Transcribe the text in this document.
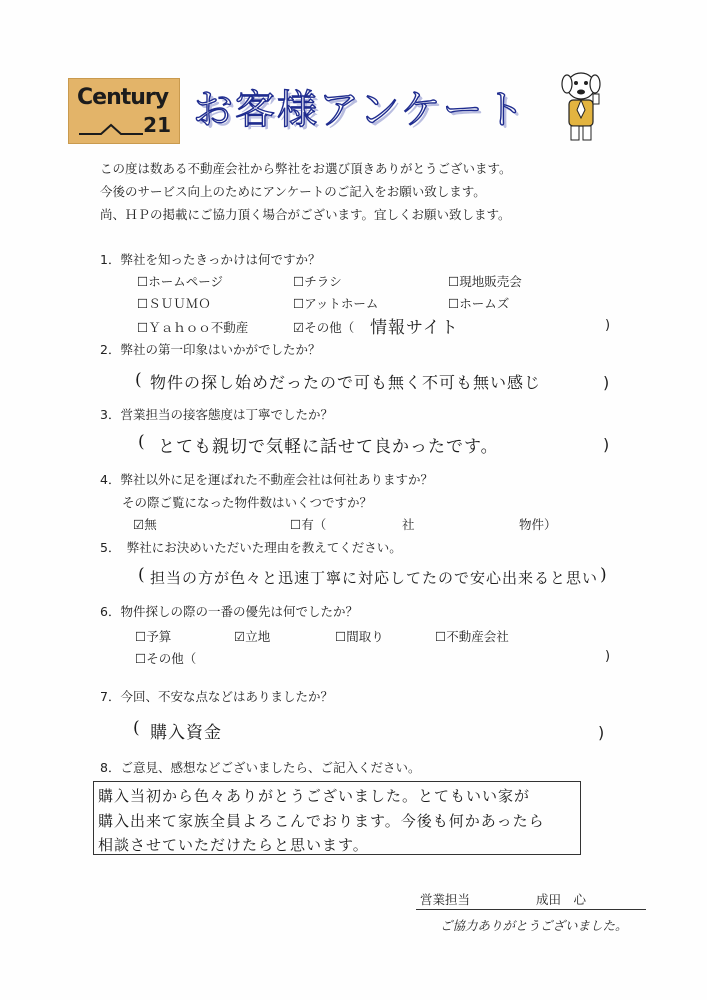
Century
21 お客様アンケート
この度は数ある不動産会社から弊社をお選び頂きありがとうございます。
今後のサービス向上のためにアンケートのご記入をお願い致します。
尚、ＨＰの掲載にご協力頂く場合がございます。宜しくお願い致します。
1．弊社を知ったきっかけは何ですか？
☐ホームページ	☐チラシ	☐現地販売会
☐ＳＵＵＭＯ	☐アットホーム	☐ホームズ
☐Ｙａｈｏｏ不動産	☑その他（ 情報サイト	)
2．弊社の第一印象はいかがでしたか？
( 物件の探し始めだったので可も無く不可も無い感じ	)
3．営業担当の接客態度は丁寧でしたか？
( とても親切で気軽に話せて良かったです。	)
4．弊社以外に足を運ばれた不動産会社は何社ありますか？
その際ご覧になった物件数はいくつですか？
☑無	☐有（	社	物件）
5．　弊社にお決めいただいた理由を教えてください。
( 担当の方が色々と迅速丁寧に対応してたので安心出来ると思い )
6．物件探しの際の一番の優先は何でしたか？
☐予算	☑立地	☐間取り	☐不動産会社
☐その他（	)
7．今回、不安な点などはありましたか？
( 購入資金	)
8．ご意見、感想などございましたら、ご記入ください。
購入当初から色々ありがとうございました。とてもいい家が
購入出来て家族全員よろこんでおります。今後も何かあったら
相談させていただけたらと思います。
営業担当	成田　心
ご協力ありがとうございました。
